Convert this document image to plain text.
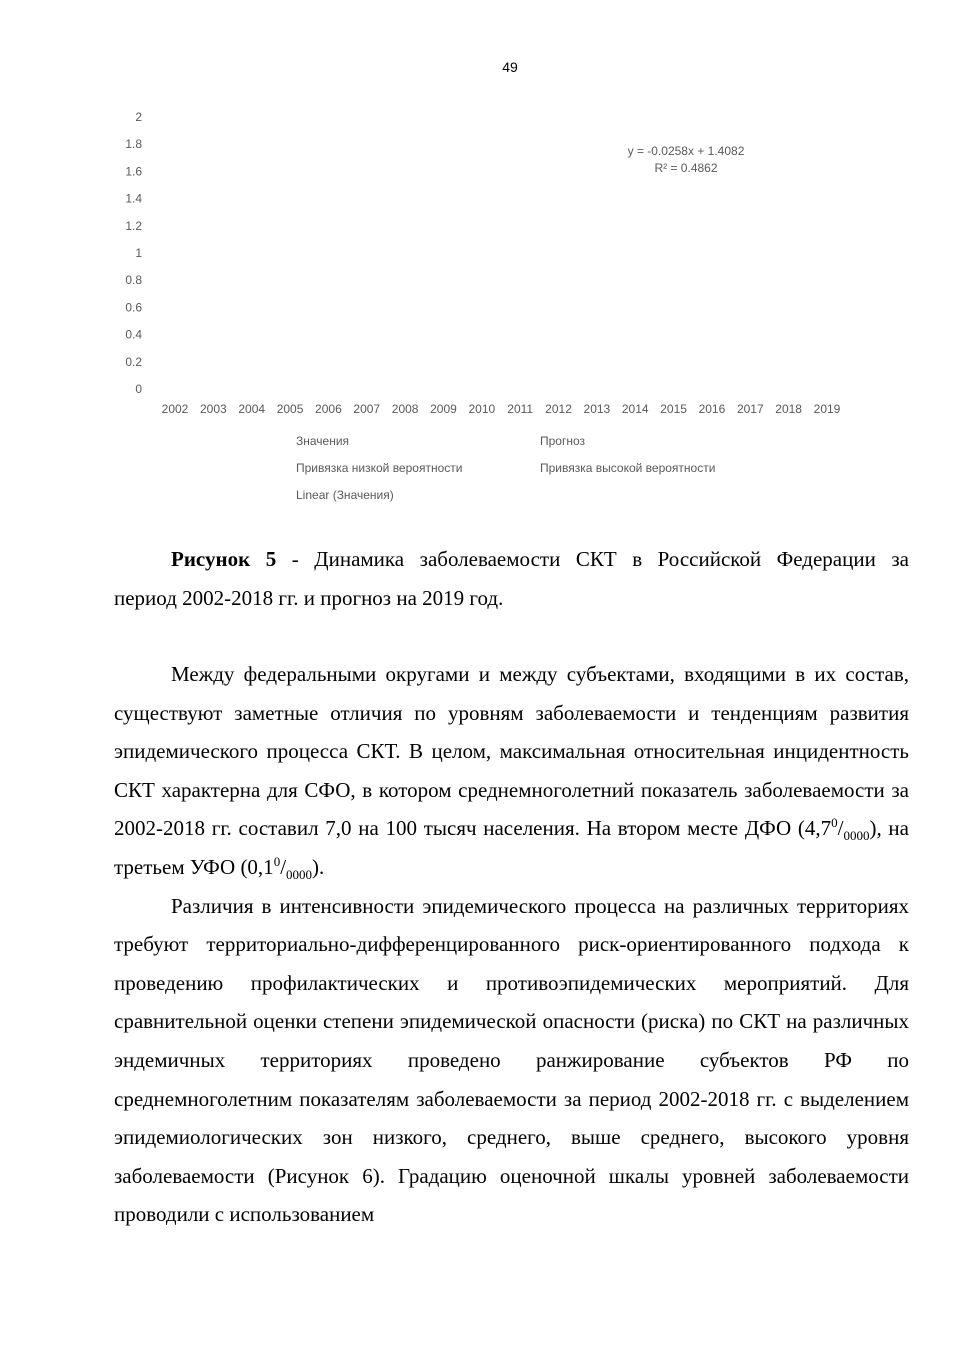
49
0
0.2
0.4
0.6
0.8
1
1.2
1.4
1.6
1.8
2
2002 2003 2004 2005 2006 2007 2008 2009 2010 2011 2012 2013 2014 2015 2016 2017 2018 2019
y = -0.0258x + 1.4082
R² = 0.4862
Значения	Прогноз
Привязка низкой вероятности	Привязка высокой вероятности
Linear (Значения)
Рисунок 5 - Динамика заболеваемости СКТ в Российской Федерации за
период 2002-2018 гг. и прогноз на 2019 год.

Между федеральными округами и между субъектами, входящими в их состав, существуют заметные отличия по уровням заболеваемости и тенденциям развития эпидемического процесса СКТ. В целом, максимальная относительная инцидентность СКТ характерна для СФО, в котором среднемноголетний показатель заболеваемости за 2002-2018 гг. составил 7,0 на 100 тысяч населения. На втором месте ДФО $(4,7^0/_{0000})$, на третьем УФО $(0,1^0/_{0000})$.

Различия в интенсивности эпидемического процесса на различных территориях требуют территориально-дифференцированного риск-ориентированного подхода к проведению профилактических и противоэпидемических мероприятий. Для сравнительной оценки степени эпидемической опасности (риска) по СКТ на различных эндемичных территориях проведено ранжирование субъектов РФ по среднемноголетним показателям заболеваемости за период 2002-2018 гг. с выделением эпидемиологических зон низкого, среднего, выше среднего, высокого уровня заболеваемости (Рисунок 6). Градацию оценочной шкалы уровней заболеваемости проводили с использованием
